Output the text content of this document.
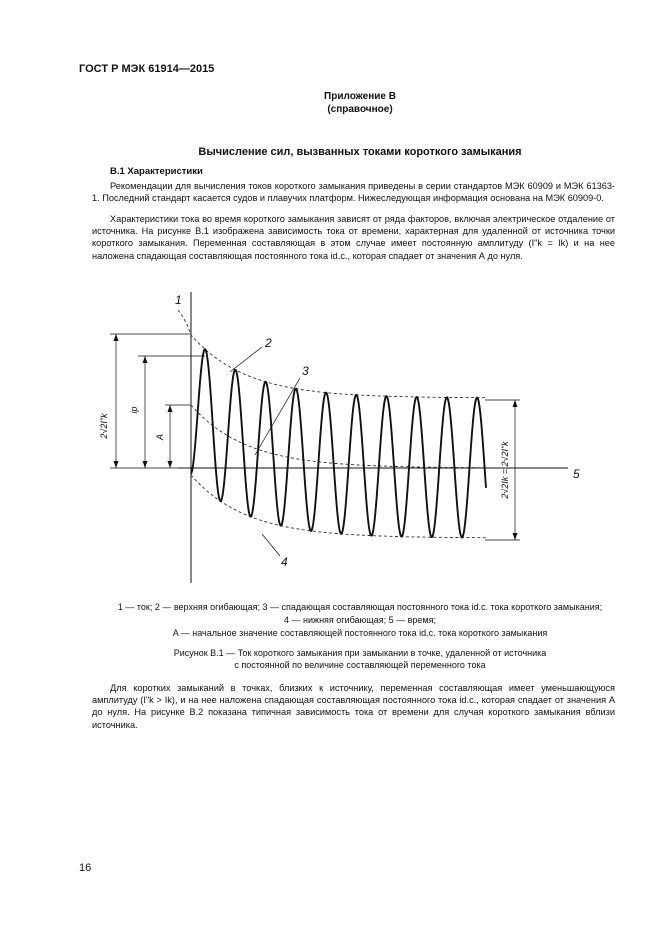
ГОСТ Р МЭК 61914—2015
Приложение В
(справочное)
Вычисление сил, вызванных токами короткого замыкания
В.1 Характеристики
Рекомендации для вычисления токов короткого замыкания приведены в серии стандартов МЭК 60909 и МЭК 61363-1. Последний стандарт касается судов и плавучих платформ. Нижеследующая информация основана на МЭК 60909-0.
Характеристики тока во время короткого замыкания зависят от ряда факторов, включая электрическое отдаление от источника. На рисунке В.1 изображена зависимость тока от времени, характерная для удаленной от источника точки короткого замыкания. Переменная составляющая в этом случае имеет постоянную амплитуду (I"k = Ik) и на нее наложена спадающая составляющая постоянного тока id.c., которая спадает от значения А до нуля.
1
2
3
4
5
2√2I"k
ip
A
2√2Ik = 2√2I"k
1 — ток; 2 — верхняя огибающая; 3 — спадающая составляющая постоянного тока id.c. тока короткого замыкания;
4 — нижняя огибающая; 5 — время;
A — начальное значение составляющей постоянного тока id.c. тока короткого замыкания
Рисунок В.1 — Ток короткого замыкания при замыкании в точке, удаленной от источника
с постоянной по величине составляющей переменного тока
Для коротких замыканий в точках, близких к источнику, переменная составляющая имеет уменьшающуюся амплитуду (I"k > Ik), и на нее наложена спадающая составляющая постоянного тока id.c., которая спадает от значения А до нуля. На рисунке В.2 показана типичная зависимость тока от времени для случая короткого замыкания вблизи источника.
16
